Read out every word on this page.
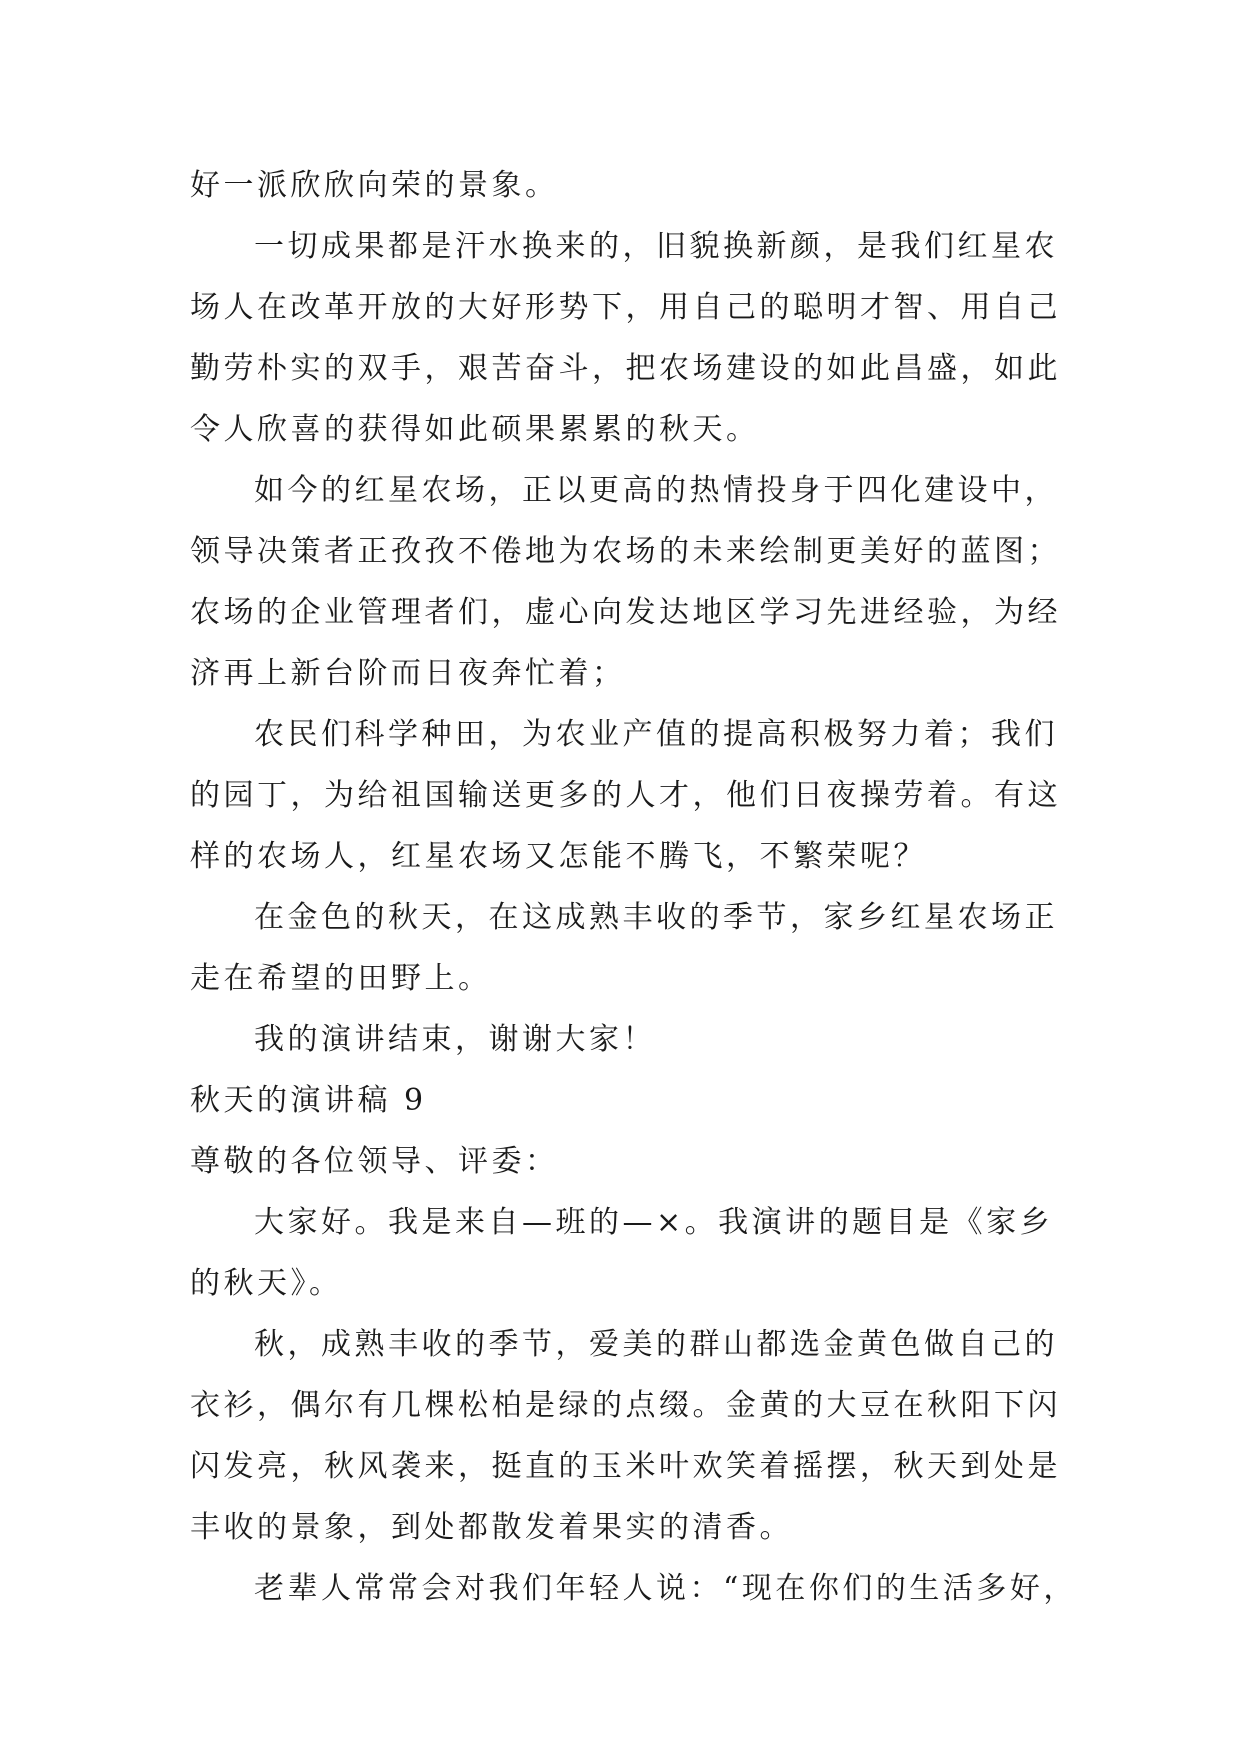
好一派欣欣向荣的景象。
一切成果都是汗水换来的，旧貌换新颜，是我们红星农
场人在改革开放的大好形势下，用自己的聪明才智、用自己
勤劳朴实的双手，艰苦奋斗，把农场建设的如此昌盛，如此
令人欣喜的获得如此硕果累累的秋天。
如今的红星农场，正以更高的热情投身于四化建设中，
领导决策者正孜孜不倦地为农场的未来绘制更美好的蓝图；
农场的企业管理者们，虚心向发达地区学习先进经验，为经
济再上新台阶而日夜奔忙着；
农民们科学种田，为农业产值的提高积极努力着；我们
的园丁，为给祖国输送更多的人才，他们日夜操劳着。有这
样的农场人，红星农场又怎能不腾飞，不繁荣呢？
在金色的秋天，在这成熟丰收的季节，家乡红星农场正
走在希望的田野上。
我的演讲结束，谢谢大家！
秋天的演讲稿 9
尊敬的各位领导、评委：
大家好。我是来自—班的—×。我演讲的题目是《家乡
的秋天》。
秋，成熟丰收的季节，爱美的群山都选金黄色做自己的
衣衫，偶尔有几棵松柏是绿的点缀。金黄的大豆在秋阳下闪
闪发亮，秋风袭来，挺直的玉米叶欢笑着摇摆，秋天到处是
丰收的景象，到处都散发着果实的清香。
老辈人常常会对我们年轻人说：“现在你们的生活多好，
